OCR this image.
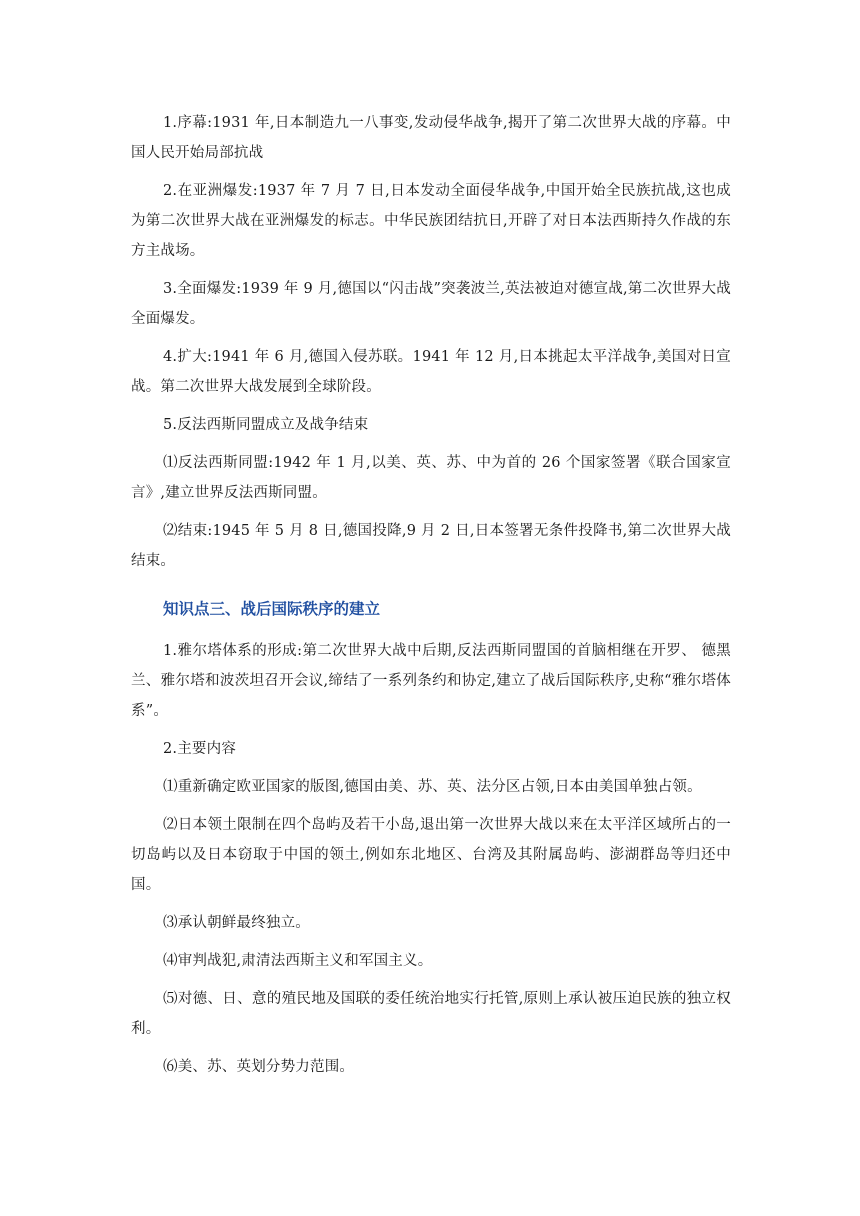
1.序幕:1931 年,日本制造九一八事变,发动侵华战争,揭开了第二次世界大战的序幕。中国人民开始局部抗战

2.在亚洲爆发:1937 年 7 月 7 日,日本发动全面侵华战争,中国开始全民族抗战,这也成为第二次世界大战在亚洲爆发的标志。中华民族团结抗日,开辟了对日本法西斯持久作战的东方主战场。

3.全面爆发:1939 年 9 月,德国以“闪击战”突袭波兰,英法被迫对德宣战,第二次世界大战全面爆发。

4.扩大:1941 年 6 月,德国入侵苏联。1941 年 12 月,日本挑起太平洋战争,美国对日宣战。第二次世界大战发展到全球阶段。

5.反法西斯同盟成立及战争结束

⑴反法西斯同盟:1942 年 1 月,以美、英、苏、中为首的 26 个国家签署《联合国家宣言》,建立世界反法西斯同盟。

⑵结束:1945 年 5 月 8 日,德国投降,9 月 2 日,日本签署无条件投降书,第二次世界大战结束。

知识点三、战后国际秩序的建立

1.雅尔塔体系的形成:第二次世界大战中后期,反法西斯同盟国的首脑相继在开罗、 德黑兰、雅尔塔和波茨坦召开会议,缔结了一系列条约和协定,建立了战后国际秩序,史称“雅尔塔体系”。

2.主要内容

⑴重新确定欧亚国家的版图,德国由美、苏、英、法分区占领,日本由美国单独占领。

⑵日本领土限制在四个岛屿及若干小岛,退出第一次世界大战以来在太平洋区域所占的一切岛屿以及日本窃取于中国的领土,例如东北地区、台湾及其附属岛屿、澎湖群岛等归还中国。

⑶承认朝鲜最终独立。

⑷审判战犯,肃清法西斯主义和军国主义。

⑸对德、日、意的殖民地及国联的委任统治地实行托管,原则上承认被压迫民族的独立权利。

⑹美、苏、英划分势力范围。
